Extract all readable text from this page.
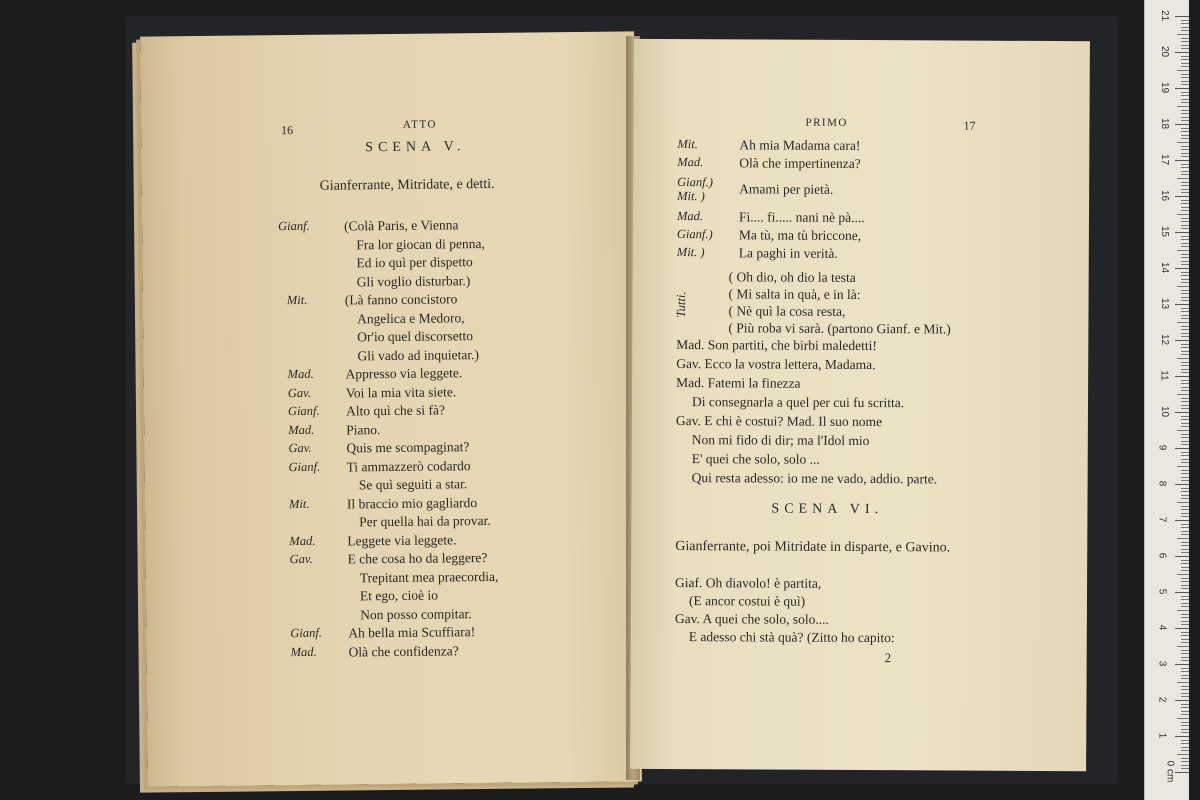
16	ATTO
SCENA V.
Gianferrante, Mitridate, e detti.
Gianf.	(Colà Paris, e Vienna
Fra lor giocan di penna,
Ed io quì per dispetto
Gli voglio disturbar.)
Mit.	(Là fanno concistoro
Angelica e Medoro,
Or'io quel discorsetto
Gli vado ad inquietar.)
Mad. Appresso via leggete.
Gav.	Voi la mia vita siete.
Gianf. Alto quì che si fà?
Mad. Piano.
Gav.	Quis me scompaginat?
Gianf. Ti ammazzerò codardo
Se quì seguiti a star.
Mit.	Il braccio mio gagliardo
Per quella hai da provar.
Mad. Leggete via leggete.
Gav.	E che cosa ho da leggere?
Trepitant mea praecordia,
Et ego, cioè io
Non posso compitar.
Gianf. Ah bella mia Scuffiara!
Mad. Olà che confidenza?
PRIMO	17
Mit.	Ah mia Madama cara!
Mad.	Olà che impertinenza?
Gianf.)
Mit. )	Amami per pietà.
Mad.	Fi.... fi..... nani nè pà....
Gianf.) Ma tù, ma tù briccone,
Mit. )	La paghi in verità.
Tutti.
( Oh dio, oh dio la testa
( Mi salta in quà, e in là:
( Nè quì la cosa resta,
( Più roba vi sarà. (partono Gianf. e Mit.)
Mad. Son partiti, che birbi maledetti!
Gav. Ecco la vostra lettera, Madama.
Mad. Fatemi la finezza
Di consegnarla a quel per cui fu scritta.
Gav. E chi è costui? Mad. Il suo nome
Non mi fido di dir; ma l'Idol mio
E' quei che solo, solo ...
Qui resta adesso: io me ne vado, addio. parte.
SCENA VI.
Gianferrante, poi Mitridate in disparte, e Gavino.
Giaf. Oh diavolo! è partita,
(E ancor costui è quì)
Gav. A quei che solo, solo....
E adesso chi stà quà? (Zitto ho capito:
2
21
20
19
18
17
16
15
14
13
12
11
10
9
8
7
6
5
4
3
2
1
0 cm
